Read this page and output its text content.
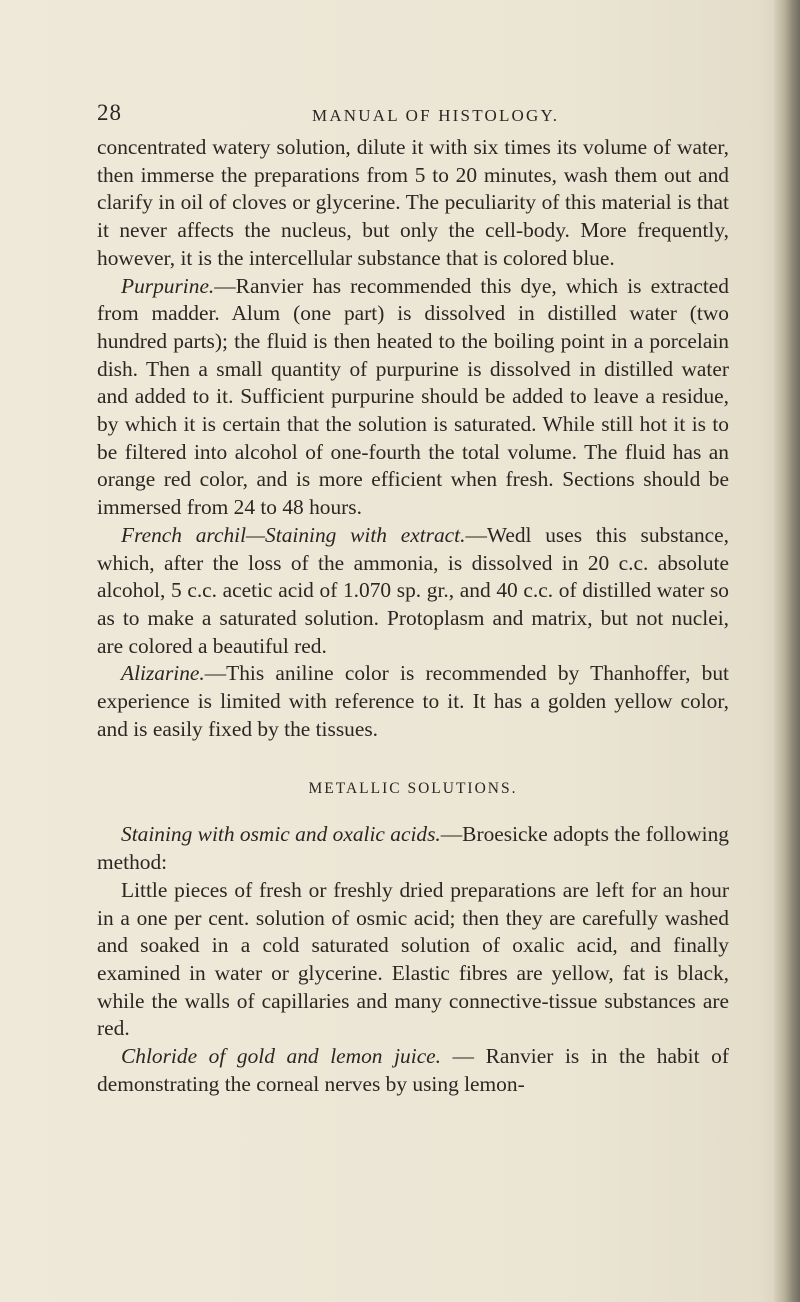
28	MANUAL OF HISTOLOGY.

concentrated watery solution, dilute it with six times its volume of water, then immerse the preparations from 5 to 20 minutes, wash them out and clarify in oil of cloves or glycerine. The peculiarity of this material is that it never affects the nucleus, but only the cell-body. More frequently, however, it is the intercellular substance that is colored blue.

Purpurine.—Ranvier has recommended this dye, which is extracted from madder. Alum (one part) is dissolved in distilled water (two hundred parts); the fluid is then heated to the boiling point in a porcelain dish. Then a small quantity of purpurine is dissolved in distilled water and added to it. Sufficient purpurine should be added to leave a residue, by which it is certain that the solution is saturated. While still hot it is to be filtered into alcohol of one-fourth the total volume. The fluid has an orange red color, and is more efficient when fresh. Sections should be immersed from 24 to 48 hours.

French archil—Staining with extract.—Wedl uses this substance, which, after the loss of the ammonia, is dissolved in 20 c.c. absolute alcohol, 5 c.c. acetic acid of 1.070 sp. gr., and 40 c.c. of distilled water so as to make a saturated solution. Protoplasm and matrix, but not nuclei, are colored a beautiful red.

Alizarine.—This aniline color is recommended by Thanhoffer, but experience is limited with reference to it. It has a golden yellow color, and is easily fixed by the tissues.

METALLIC SOLUTIONS.

Staining with osmic and oxalic acids.—Broesicke adopts the following method:

Little pieces of fresh or freshly dried preparations are left for an hour in a one per cent. solution of osmic acid; then they are carefully washed and soaked in a cold saturated solution of oxalic acid, and finally examined in water or glycerine. Elastic fibres are yellow, fat is black, while the walls of capillaries and many connective-tissue substances are red.

Chloride of gold and lemon juice. — Ranvier is in the habit of demonstrating the corneal nerves by using lemon-
